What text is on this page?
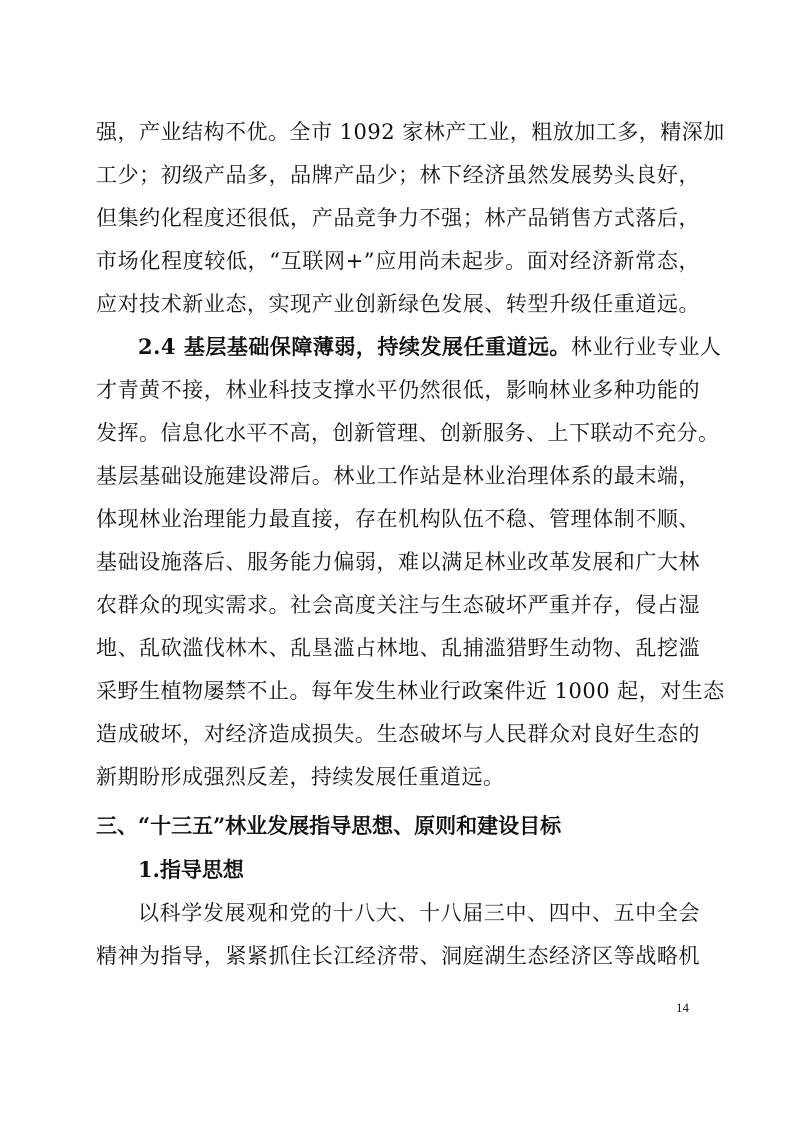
强，产业结构不优。全市 1092 家林产工业，粗放加工多，精深加
工少；初级产品多，品牌产品少；林下经济虽然发展势头良好，
但集约化程度还很低，产品竞争力不强；林产品销售方式落后，
市场化程度较低，“互联网+”应用尚未起步。面对经济新常态，
应对技术新业态，实现产业创新绿色发展、转型升级任重道远。
2.4 基层基础保障薄弱，持续发展任重道远。林业行业专业人
才青黄不接，林业科技支撑水平仍然很低，影响林业多种功能的
发挥。信息化水平不高，创新管理、创新服务、上下联动不充分。
基层基础设施建设滞后。林业工作站是林业治理体系的最末端，
体现林业治理能力最直接，存在机构队伍不稳、管理体制不顺、
基础设施落后、服务能力偏弱，难以满足林业改革发展和广大林
农群众的现实需求。社会高度关注与生态破坏严重并存，侵占湿
地、乱砍滥伐林木、乱垦滥占林地、乱捕滥猎野生动物、乱挖滥
采野生植物屡禁不止。每年发生林业行政案件近 1000 起，对生态
造成破坏，对经济造成损失。生态破坏与人民群众对良好生态的
新期盼形成强烈反差，持续发展任重道远。
三、“十三五”林业发展指导思想、原则和建设目标
1.指导思想
以科学发展观和党的十八大、十八届三中、四中、五中全会
精神为指导，紧紧抓住长江经济带、洞庭湖生态经济区等战略机
14
